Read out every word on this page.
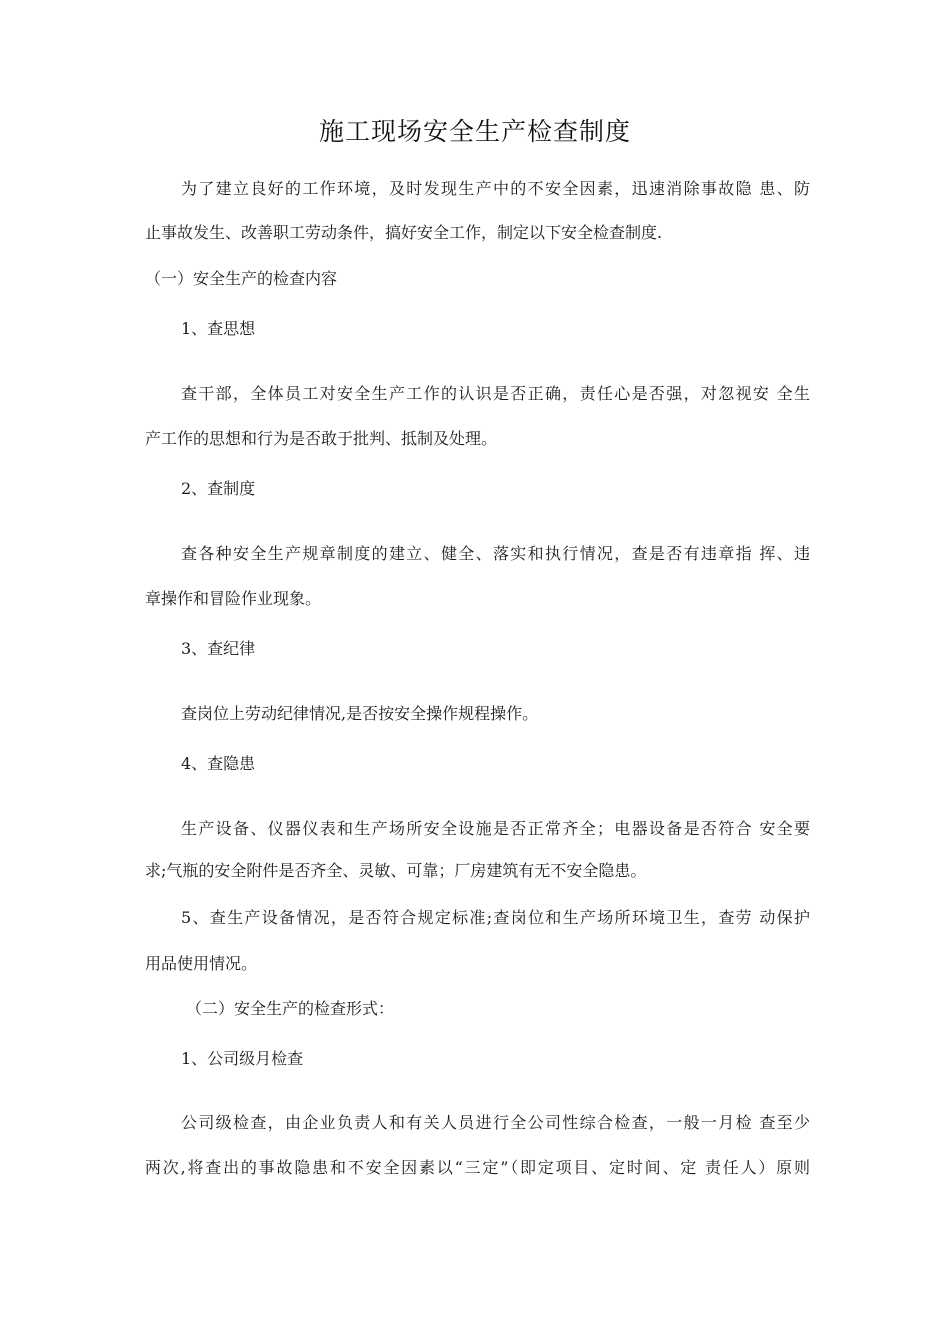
施工现场安全生产检查制度
为了建立良好的工作环境，及时发现生产中的不安全因素，迅速消除事故隐 患、防
止事故发生、改善职工劳动条件，搞好安全工作，制定以下安全检查制度.
（一）安全生产的检查内容
1、查思想
查干部，全体员工对安全生产工作的认识是否正确，责任心是否强，对忽视安 全生
产工作的思想和行为是否敢于批判、抵制及处理。
2、查制度
查各种安全生产规章制度的建立、健全、落实和执行情况，查是否有违章指 挥、违
章操作和冒险作业现象。
3、查纪律
查岗位上劳动纪律情况,是否按安全操作规程操作。
4、查隐患
生产设备、仪器仪表和生产场所安全设施是否正常齐全；电器设备是否符合 安全要
求;气瓶的安全附件是否齐全、灵敏、可靠；厂房建筑有无不安全隐患。
5、查生产设备情况，是否符合规定标准;查岗位和生产场所环境卫生，查劳 动保护
用品使用情况。
（二）安全生产的检查形式：
1、公司级月检查
公司级检查，由企业负责人和有关人员进行全公司性综合检查，一般一月检 查至少
两次,将查出的事故隐患和不安全因素以“三定”（即定项目、定时间、定 责任人）原则
